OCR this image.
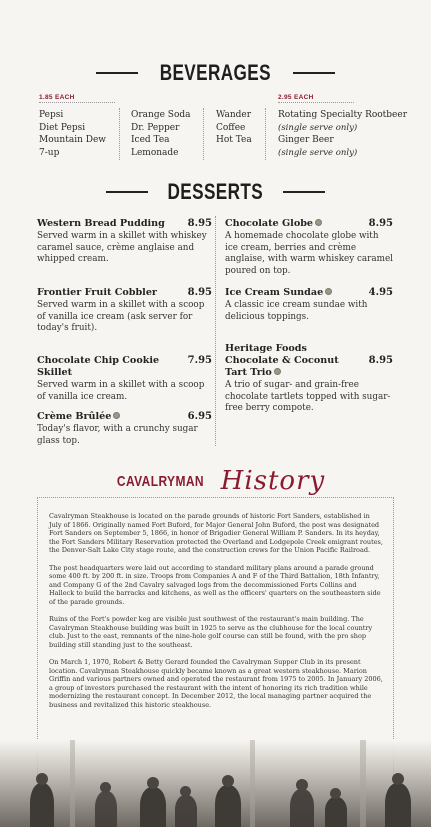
BEVERAGES
1.85 EACH	2.95 EACH
Pepsi
Diet Pepsi
Mountain Dew
7-up
Orange Soda
Dr. Pepper
Iced Tea
Lemonade
Wander
Coffee
Hot Tea
Rotating Specialty Rootbeer
(single serve only)
Ginger Beer
(single serve only)
DESSERTS
Western Bread Pudding 8.95
Served warm in a skillet with whiskey caramel sauce, crème anglaise and whipped cream.
Frontier Fruit Cobbler	8.95
Served warm in a skillet with a scoop of vanilla ice cream (ask server for today's fruit).
Chocolate Chip Cookie Skillet
7.95
Served warm in a skillet with a scoop of vanilla ice cream.
Crème Brûlée	6.95
Today's flavor, with a crunchy sugar glass top.
Chocolate Globe	8.95
A homemade chocolate globe with ice cream, berries and crème anglaise, with warm whiskey caramel poured on top.
Ice Cream Sundae	4.95
A classic ice cream sundae with delicious toppings.
Heritage Foods Chocolate & Coconut Tart Trio
8.95
A trio of sugar- and grain-free chocolate tartlets topped with sugar-free berry compote.
CAVALRYMAN History

Cavalryman Steakhouse is located on the parade grounds of historic Fort Sanders, established in July of 1866. Originally named Fort Buford, for Major General John Buford, the post was designated Fort Sanders on September 5, 1866, in honor of Brigadier General William P. Sanders. In its heyday, the Fort Sanders Military Reservation protected the Overland and Lodgepole Creek emigrant routes, the Denver-Salt Lake City stage route, and the construction crews for the Union Pacific Railroad.

The post headquarters were laid out according to standard military plans around a parade ground some 400 ft. by 200 ft. in size. Troops from Companies A and F of the Third Battalion, 18th Infantry, and Company G of the 2nd Cavalry salvaged logs from the decommissioned Forts Collins and Halleck to build the barracks and kitchens, as well as the officers' quarters on the southeastern side of the parade grounds.

Ruins of the Fort's powder keg are visible just southwest of the restaurant's main building. The Cavalryman Steakhouse building was built in 1925 to serve as the clubhouse for the local country club. Just to the east, remnants of the nine-hole golf course can still be found, with the pro shop building still standing just to the southeast.

On March 1, 1970, Robert & Betty Gerard founded the Cavalryman Supper Club in its present location. Cavalryman Steakhouse quickly became known as a great western steakhouse. Marion Griffin and various partners owned and operated the restaurant from 1975 to 2005. In January 2006, a group of investors purchased the restaurant with the intent of honoring its rich tradition while modernizing the restaurant concept. In December 2012, the local managing partner acquired the business and revitalized this historic steakhouse.
